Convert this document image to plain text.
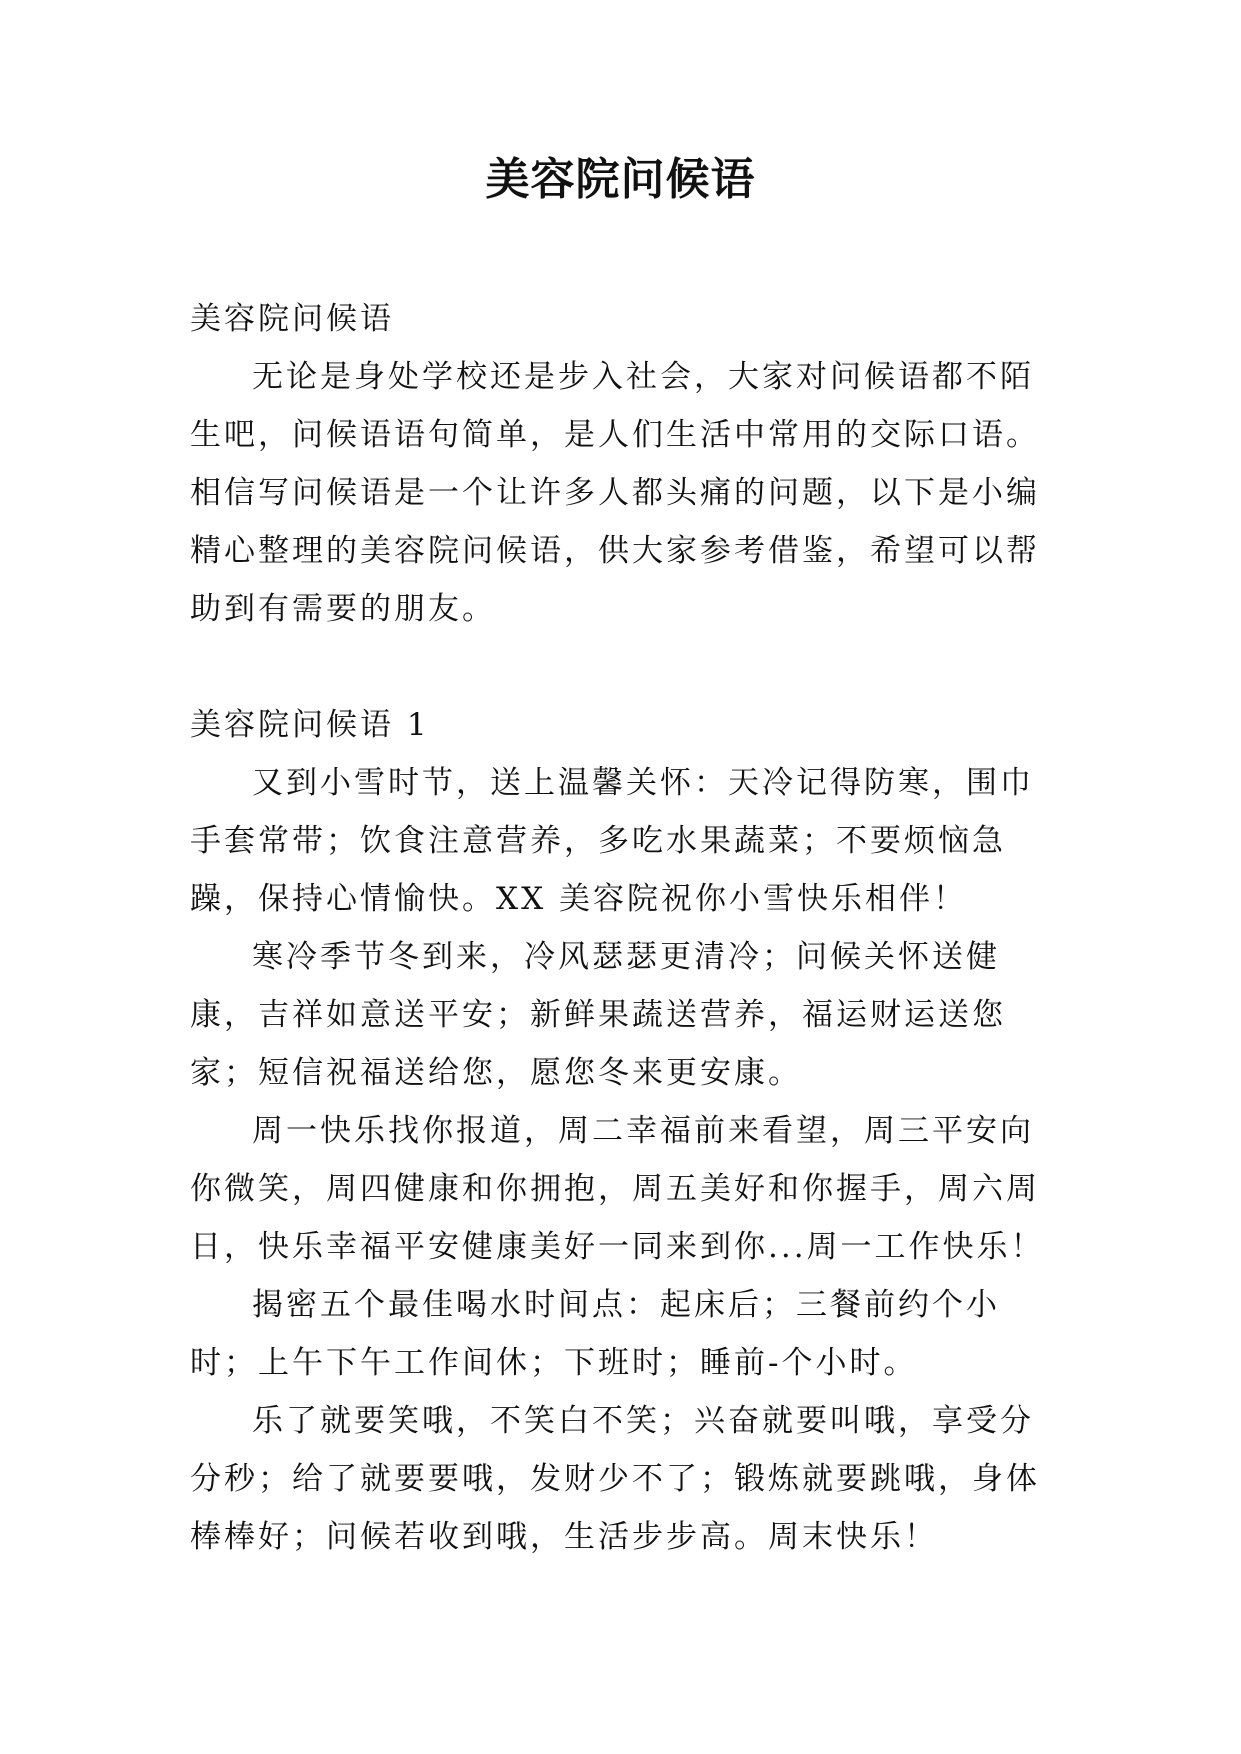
美容院问候语

美容院问候语

无论是身处学校还是步入社会，大家对问候语都不陌生吧，问候语语句简单，是人们生活中常用的交际口语。相信写问候语是一个让许多人都头痛的问题，以下是小编精心整理的美容院问候语，供大家参考借鉴，希望可以帮助到有需要的朋友。

美容院问候语 1

又到小雪时节，送上温馨关怀：天冷记得防寒，围巾手套常带；饮食注意营养，多吃水果蔬菜；不要烦恼急躁，保持心情愉快。XX 美容院祝你小雪快乐相伴！

寒冷季节冬到来，冷风瑟瑟更清冷；问候关怀送健康，吉祥如意送平安；新鲜果蔬送营养，福运财运送您家；短信祝福送给您，愿您冬来更安康。

周一快乐找你报道，周二幸福前来看望，周三平安向你微笑，周四健康和你拥抱，周五美好和你握手，周六周日，快乐幸福平安健康美好一同来到你...周一工作快乐！

揭密五个最佳喝水时间点：起床后；三餐前约个小时；上午下午工作间休；下班时；睡前-个小时。

乐了就要笑哦，不笑白不笑；兴奋就要叫哦，享受分分秒；给了就要要哦，发财少不了；锻炼就要跳哦，身体棒棒好；问候若收到哦，生活步步高。周末快乐！
